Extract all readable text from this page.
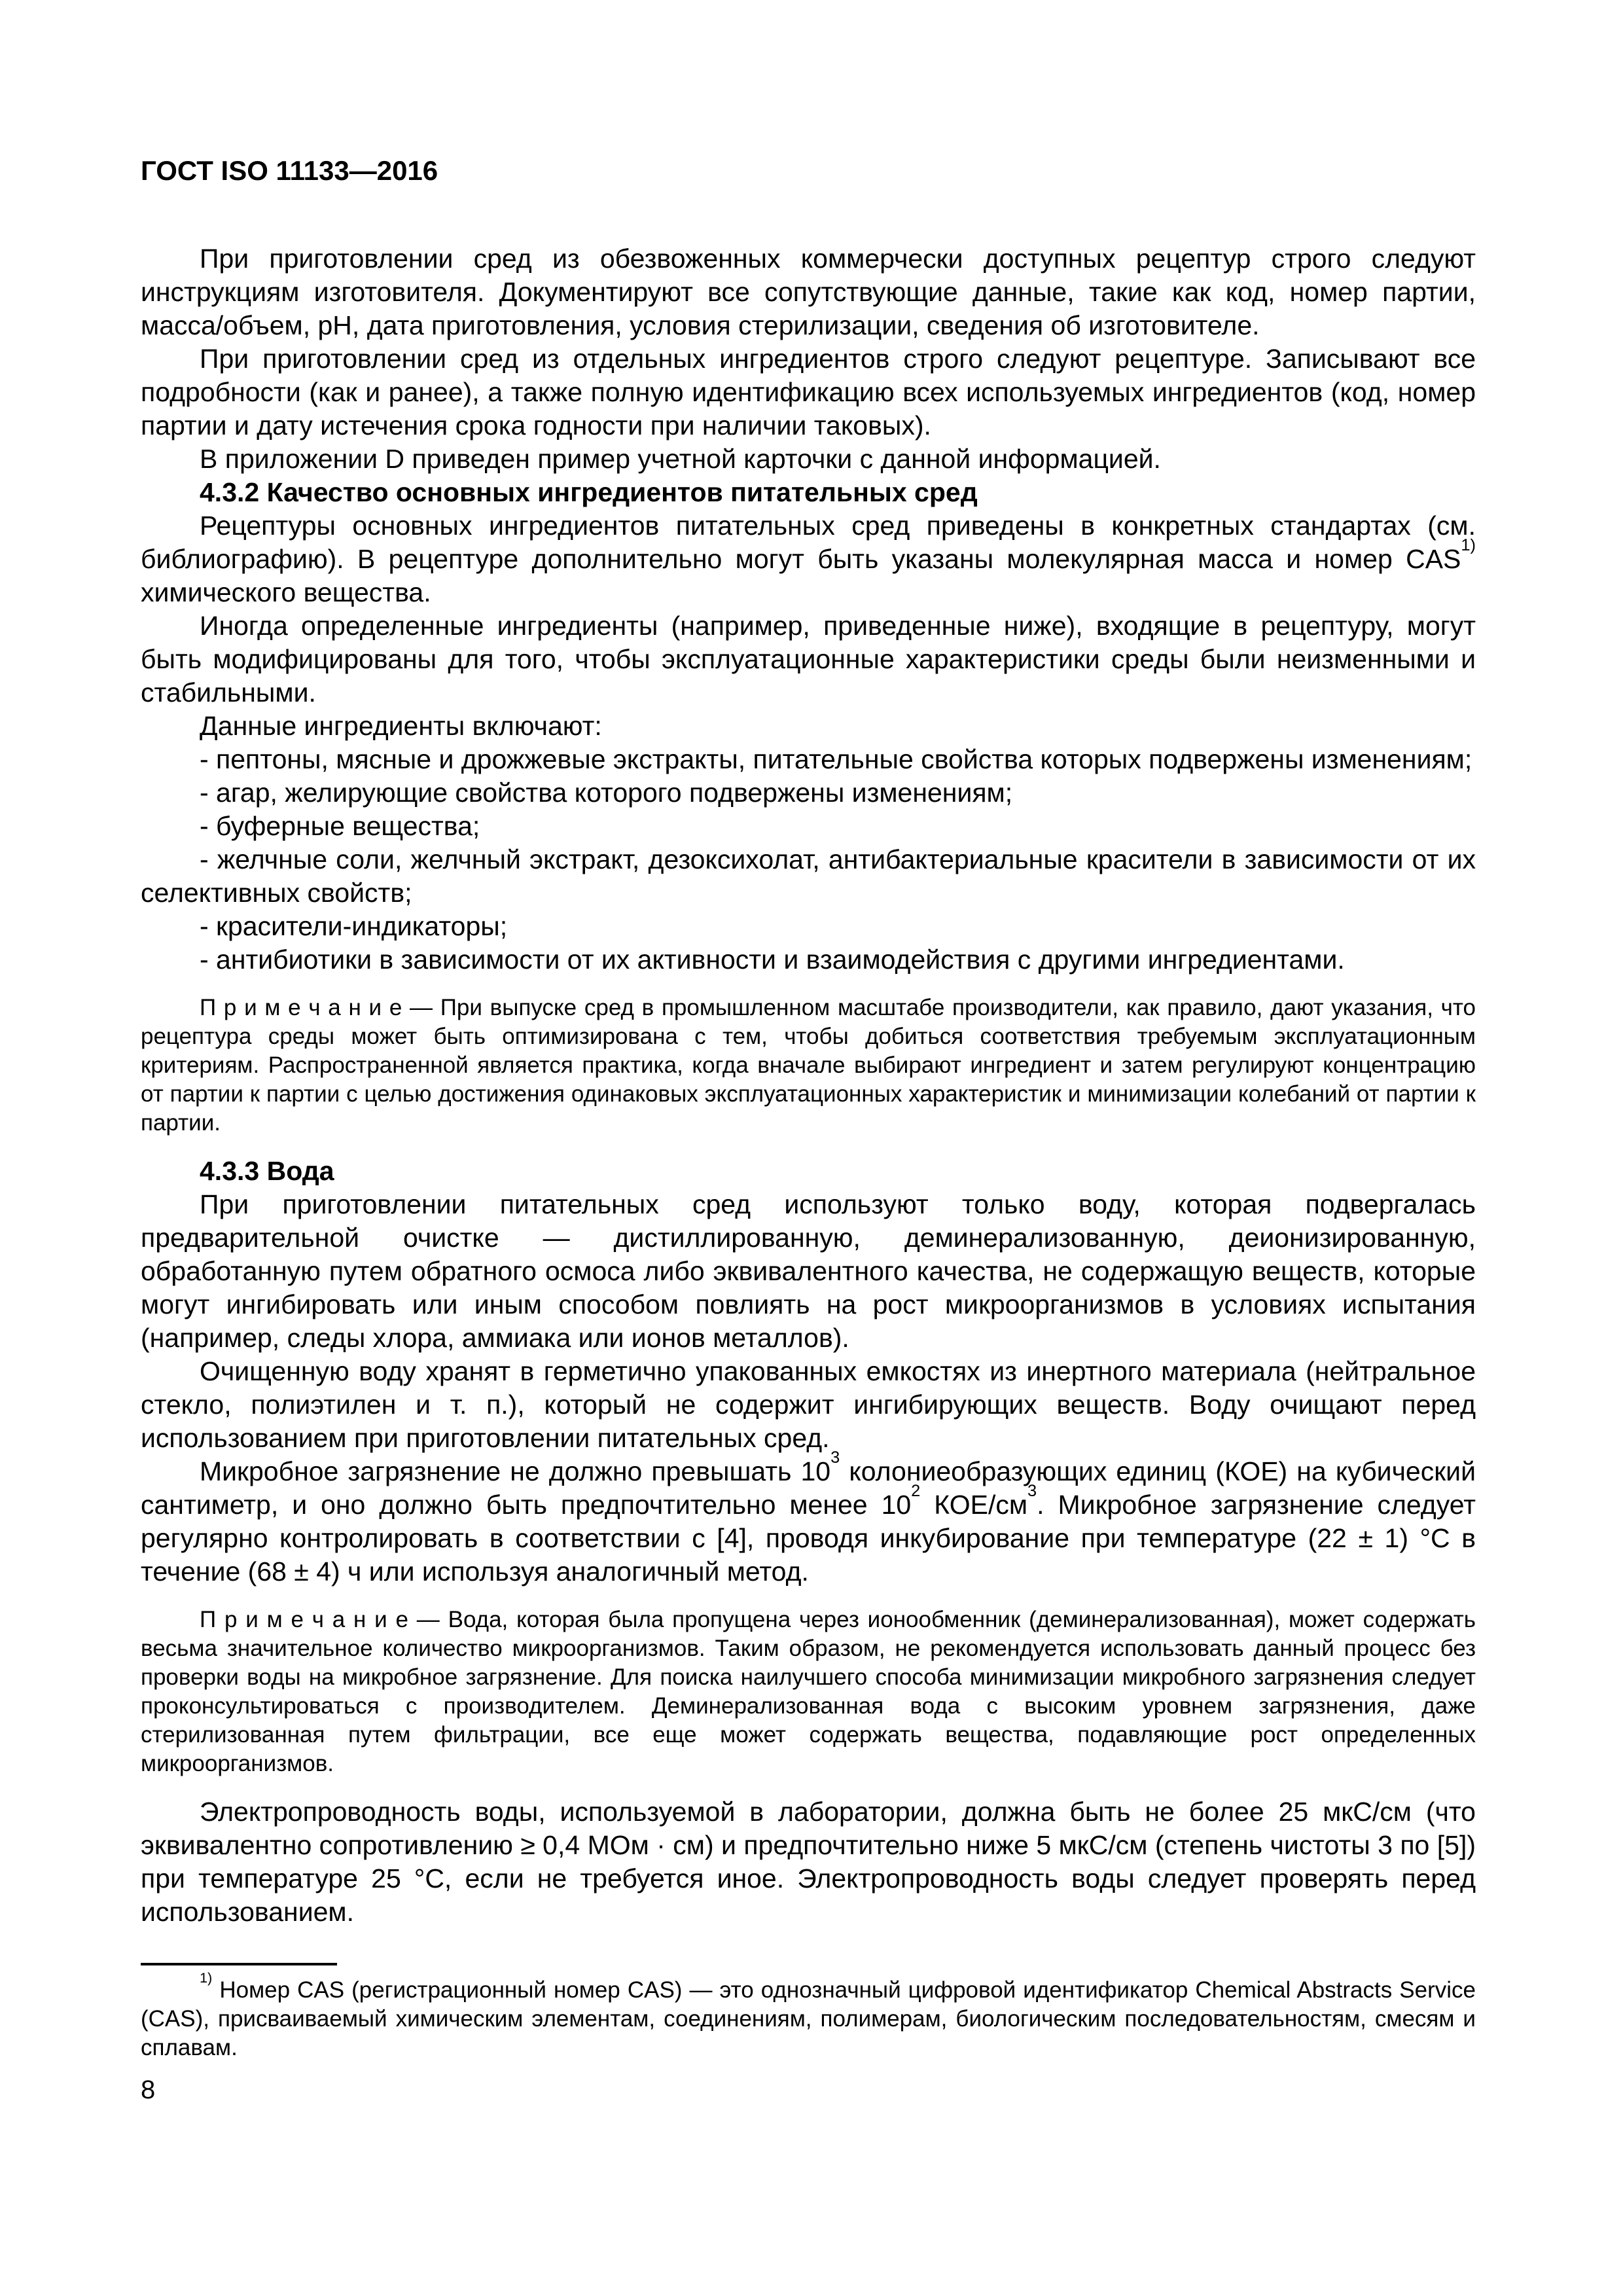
ГОСТ ISO 11133—2016

При приготовлении сред из обезвоженных коммерчески доступных рецептур строго следуют инструкциям изготовителя. Документируют все сопутствующие данные, такие как код, номер партии, масса/объем, pH, дата приготовления, условия стерилизации, сведения об изготовителе.

При приготовлении сред из отдельных ингредиентов строго следуют рецептуре. Записывают все подробности (как и ранее), а также полную идентификацию всех используемых ингредиентов (код, номер партии и дату истечения срока годности при наличии таковых).

В приложении D приведен пример учетной карточки с данной информацией.

4.3.2 Качество основных ингредиентов питательных сред

Рецептуры основных ингредиентов питательных сред приведены в конкретных стандартах (см. библиографию). В рецептуре дополнительно могут быть указаны молекулярная масса и номер CAS$^{1)}$ химического вещества.

Иногда определенные ингредиенты (например, приведенные ниже), входящие в рецептуру, могут быть модифицированы для того, чтобы эксплуатационные характеристики среды были неизменными и стабильными.

Данные ингредиенты включают:

- пептоны, мясные и дрожжевые экстракты, питательные свойства которых подвержены изменениям;

- агар, желирующие свойства которого подвержены изменениям;

- буферные вещества;

- желчные соли, желчный экстракт, дезоксихолат, антибактериальные красители в зависимости от их селективных свойств;

- красители-индикаторы;

- антибиотики в зависимости от их активности и взаимодействия с другими ингредиентами.

П р и м е ч а н и е — При выпуске сред в промышленном масштабе производители, как правило, дают указания, что рецептура среды может быть оптимизирована с тем, чтобы добиться соответствия требуемым эксплуатационным критериям. Распространенной является практика, когда вначале выбирают ингредиент и затем регулируют концентрацию от партии к партии с целью достижения одинаковых эксплуатационных характеристик и минимизации колебаний от партии к партии.

4.3.3 Вода

При приготовлении питательных сред используют только воду, которая подвергалась предварительной очистке — дистиллированную, деминерализованную, деионизированную, обработанную путем обратного осмоса либо эквивалентного качества, не содержащую веществ, которые могут ингибировать или иным способом повлиять на рост микроорганизмов в условиях испытания (например, следы хлора, аммиака или ионов металлов).

Очищенную воду хранят в герметично упакованных емкостях из инертного материала (нейтральное стекло, полиэтилен и т. п.), который не содержит ингибирующих веществ. Воду очищают перед использованием при приготовлении питательных сред.

Микробное загрязнение не должно превышать $10^3$ колониеобразующих единиц (КОЕ) на кубический сантиметр, и оно должно быть предпочтительно менее $10^2$ КОЕ/$см^3$. Микробное загрязнение следует регулярно контролировать в соответствии с [4], проводя инкубирование при температуре (22 ± 1) °С в течение (68 ± 4) ч или используя аналогичный метод.

П р и м е ч а н и е — Вода, которая была пропущена через ионообменник (деминерализованная), может содержать весьма значительное количество микроорганизмов. Таким образом, не рекомендуется использовать данный процесс без проверки воды на микробное загрязнение. Для поиска наилучшего способа минимизации микробного загрязнения следует проконсультироваться с производителем. Деминерализованная вода с высоким уровнем загрязнения, даже стерилизованная путем фильтрации, все еще может содержать вещества, подавляющие рост определенных микроорганизмов.

Электропроводность воды, используемой в лаборатории, должна быть не более 25 мкС/см (что эквивалентно сопротивлению ≥ 0,4 МОм · см) и предпочтительно ниже 5 мкС/см (степень чистоты 3 по [5]) при температуре 25 °С, если не требуется иное. Электропроводность воды следует проверять перед использованием.

$^{1)}$ Номер CAS (регистрационный номер CAS) — это однозначный цифровой идентификатор Chemical Abstracts Service (CAS), присваиваемый химическим элементам, соединениям, полимерам, биологическим последовательностям, смесям и сплавам.

8
